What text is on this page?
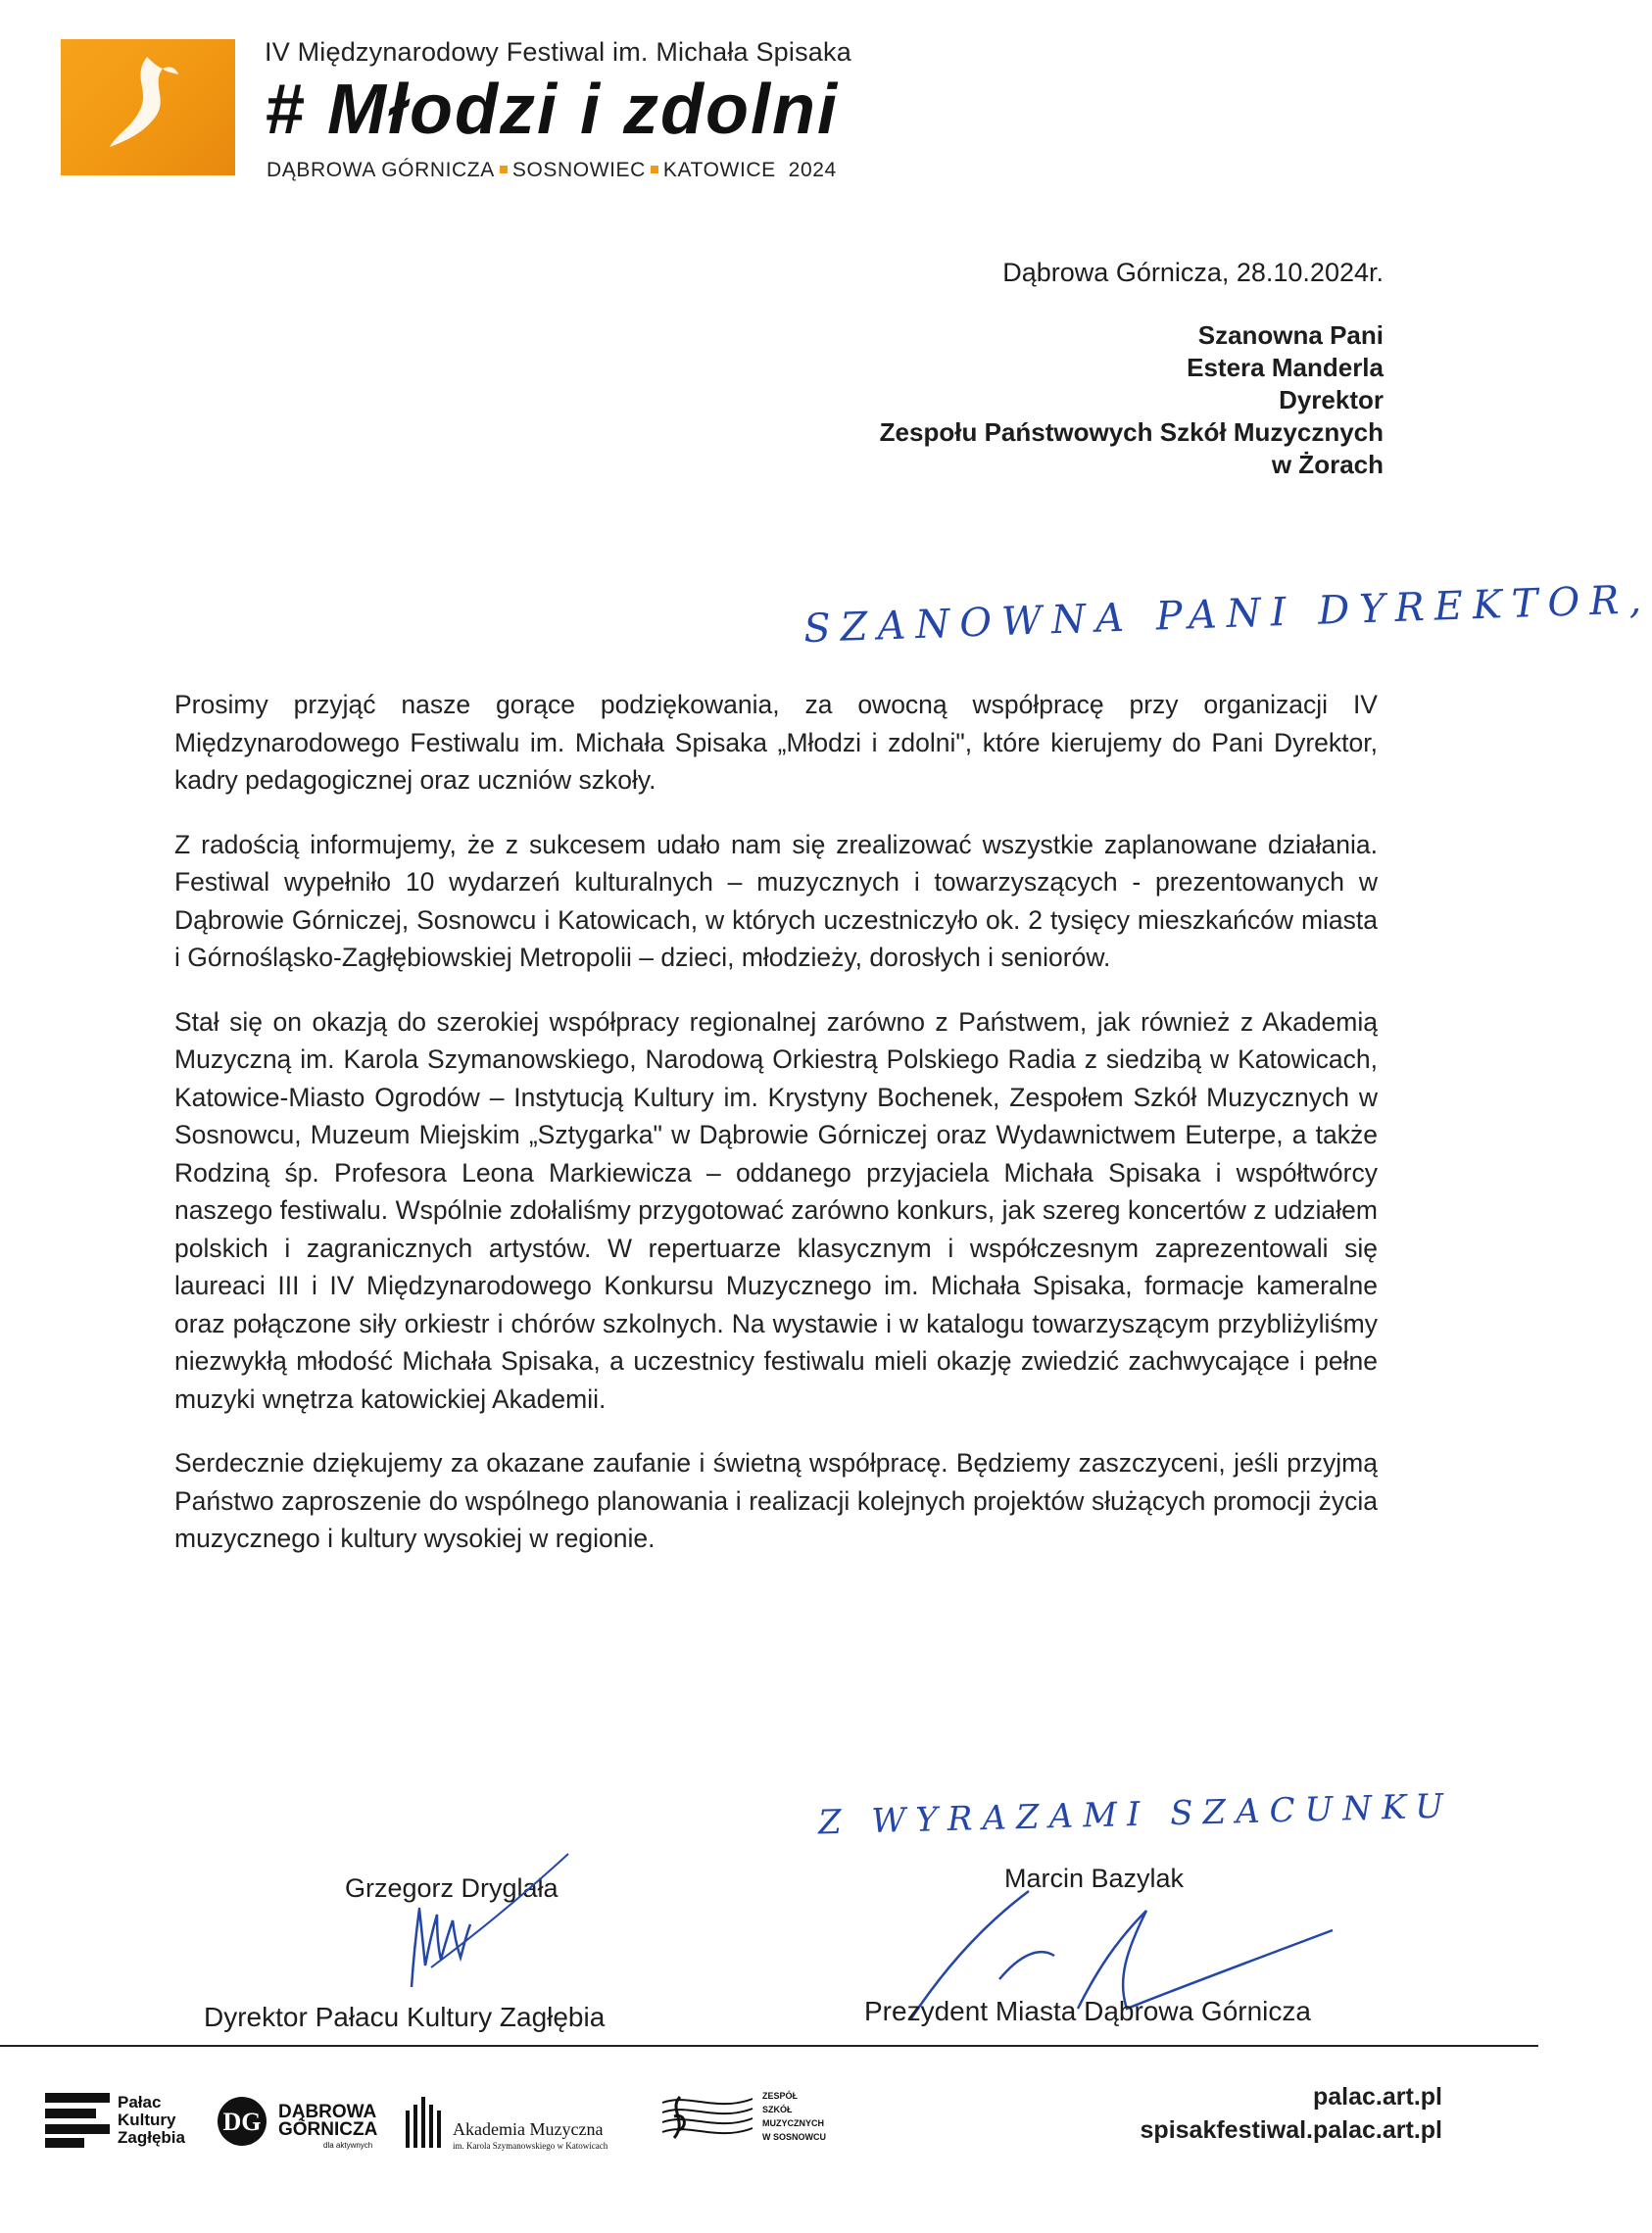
IV Międzynarodowy Festiwal im. Michała Spisaka
# Młodzi i zdolni
DĄBROWA GÓRNICZA SOSNOWIEC KATOWICE 2024
Dąbrowa Górnicza, 28.10.2024r.
Szanowna Pani
Estera Manderla
Dyrektor
Zespołu Państwowych Szkół Muzycznych
w Żorach
SZANOWNA PANI DYREKTOR,

Prosimy przyjąć nasze gorące podziękowania, za owocną współpracę przy organizacji IV Międzynarodowego Festiwalu im. Michała Spisaka „Młodzi i zdolni", które kierujemy do Pani Dyrektor, kadry pedagogicznej oraz uczniów szkoły.

Z radością informujemy, że z sukcesem udało nam się zrealizować wszystkie zaplanowane działania. Festiwal wypełniło 10 wydarzeń kulturalnych – muzycznych i towarzyszących - prezentowanych w Dąbrowie Górniczej, Sosnowcu i Katowicach, w których uczestniczyło ok. 2 tysięcy mieszkańców miasta i Górnośląsko-Zagłębiowskiej Metropolii – dzieci, młodzieży, dorosłych i seniorów.

Stał się on okazją do szerokiej współpracy regionalnej zarówno z Państwem, jak również z Akademią Muzyczną im. Karola Szymanowskiego, Narodową Orkiestrą Polskiego Radia z siedzibą w Katowicach, Katowice-Miasto Ogrodów – Instytucją Kultury im. Krystyny Bochenek, Zespołem Szkół Muzycznych w Sosnowcu, Muzeum Miejskim „Sztygarka" w Dąbrowie Górniczej oraz Wydawnictwem Euterpe, a także Rodziną śp. Profesora Leona Markiewicza – oddanego przyjaciela Michała Spisaka i współtwórcy naszego festiwalu. Wspólnie zdołaliśmy przygotować zarówno konkurs, jak szereg koncertów z udziałem polskich i zagranicznych artystów. W repertuarze klasycznym i współczesnym zaprezentowali się laureaci III i IV Międzynarodowego Konkursu Muzycznego im. Michała Spisaka, formacje kameralne oraz połączone siły orkiestr i chórów szkolnych. Na wystawie i w katalogu towarzyszącym przybliżyliśmy niezwykłą młodość Michała Spisaka, a uczestnicy festiwalu mieli okazję zwiedzić zachwycające i pełne muzyki wnętrza katowickiej Akademii.

Serdecznie dziękujemy za okazane zaufanie i świetną współpracę. Będziemy zaszczyceni, jeśli przyjmą Państwo zaproszenie do wspólnego planowania i realizacji kolejnych projektów służących promocji życia muzycznego i kultury wysokiej w regionie.

Z WYRAZAMI SZACUNKU
Grzegorz Dryglała
Dyrektor Pałacu Kultury Zagłębia
Marcin Bazylak
Prezydent Miasta Dąbrowa Górnicza
Pałac
Kultury
Zagłębia
DG DĄBROWA
GÓRNICZA
dla aktywnych
Akademia Muzyczna
im. Karola Szymanowskiego w Katowicach
ZESPÓŁ
SZKÓŁ
MUZYCZNYCH
W SOSNOWCU
palac.art.pl
spisakfestiwal.palac.art.pl
